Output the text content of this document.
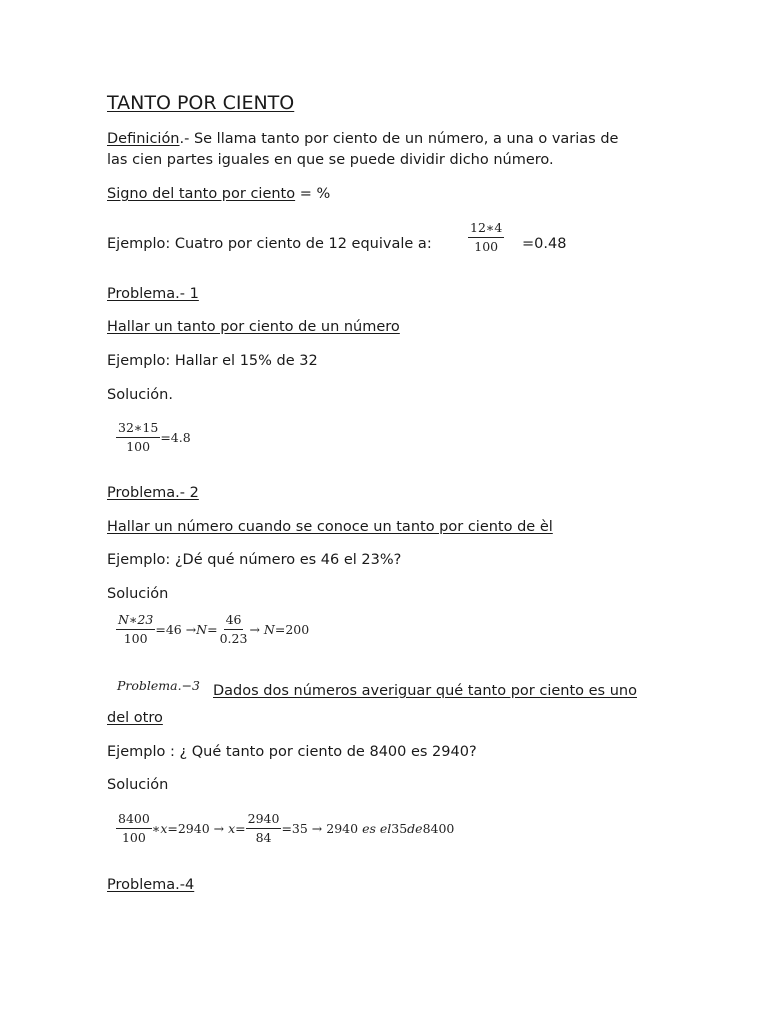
TANTO POR CIENTO
Definición.- Se llama tanto por ciento de un número, a una o varias de
las cien partes iguales en que se puede dividir dicho número.
Signo del tanto por ciento = %
Ejemplo: Cuatro por ciento de 12 equivale a:	$\frac{12∗4}{100} =0.48$
Problema.- 1
Hallar un tanto por ciento de un número
Ejemplo: Hallar el 15% de 32
Solución.
$\frac{32∗15}{100} =4.8$
Problema.- 2
Hallar un número cuando se conoce un tanto por ciento de èl
Ejemplo: ¿Dé qué número es 46 el 23%?
Solución
$\frac{N∗23}{100} =46 \to N = \frac{46}{0.23}$ →
N =200
Problema.−3 Dados dos números averiguar qué tanto por ciento es uno
del otro
Ejemplo : ¿ Qué tanto por ciento de 8400 es 2940?
Solución
$\frac{8400}{100}$ ∗ x =2940 →
$x = \frac{2940}{84} =35 \to 2940$
es el 35 de 8400
Problema.-4
